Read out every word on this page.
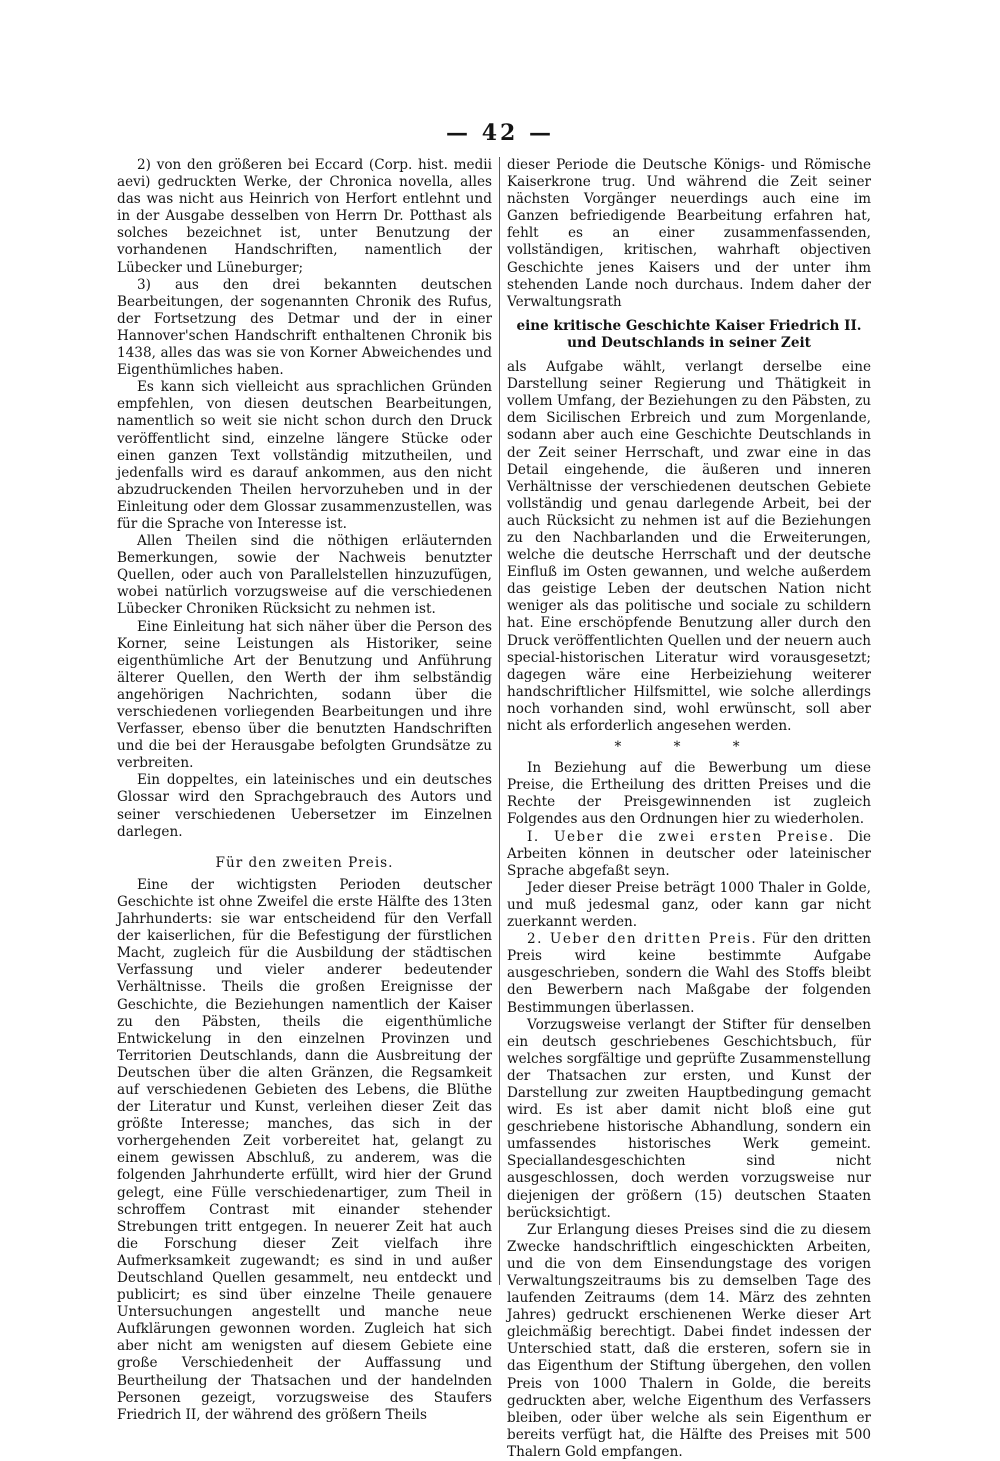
— 42 —

2) von den größeren bei Eccard (Corp. hist. medii aevi) gedruckten Werke, der Chronica novella, alles das was nicht aus Heinrich von Herfort entlehnt und in der Ausgabe desselben von Herrn Dr. Potthast als solches bezeichnet ist, unter Benutzung der vorhandenen Handschriften, namentlich der Lübecker und Lüneburger;

3) aus den drei bekannten deutschen Bearbeitungen, der sogenannten Chronik des Rufus, der Fortsetzung des Detmar und der in einer Hannover'schen Handschrift enthaltenen Chronik bis 1438, alles das was sie von Korner Abweichendes und Eigenthümliches haben.

Es kann sich vielleicht aus sprachlichen Gründen empfehlen, von diesen deutschen Bearbeitungen, namentlich so weit sie nicht schon durch den Druck veröffentlicht sind, einzelne längere Stücke oder einen ganzen Text vollständig mitzutheilen, und jedenfalls wird es darauf ankommen, aus den nicht abzudruckenden Theilen hervorzuheben und in der Einleitung oder dem Glossar zusammenzustellen, was für die Sprache von Interesse ist.

Allen Theilen sind die nöthigen erläuternden Bemerkungen, sowie der Nachweis benutzter Quellen, oder auch von Parallelstellen hinzuzufügen, wobei natürlich vorzugsweise auf die verschiedenen Lübecker Chroniken Rücksicht zu nehmen ist.

Eine Einleitung hat sich näher über die Person des Korner, seine Leistungen als Historiker, seine eigenthümliche Art der Benutzung und Anführung älterer Quellen, den Werth der ihm selbständig angehörigen Nachrichten, sodann über die verschiedenen vorliegenden Bearbeitungen und ihre Verfasser, ebenso über die benutzten Handschriften und die bei der Herausgabe befolgten Grundsätze zu verbreiten.

Ein doppeltes, ein lateinisches und ein deutsches Glossar wird den Sprachgebrauch des Autors und seiner verschiedenen Uebersetzer im Einzelnen darlegen.

Für den zweiten Preis.

Eine der wichtigsten Perioden deutscher Geschichte ist ohne Zweifel die erste Hälfte des 13ten Jahrhunderts: sie war entscheidend für den Verfall der kaiserlichen, für die Befestigung der fürstlichen Macht, zugleich für die Ausbildung der städtischen Verfassung und vieler anderer bedeutender Verhältnisse. Theils die großen Ereignisse der Geschichte, die Beziehungen namentlich der Kaiser zu den Päbsten, theils die eigenthümliche Entwickelung in den einzelnen Provinzen und Territorien Deutschlands, dann die Ausbreitung der Deutschen über die alten Gränzen, die Regsamkeit auf verschiedenen Gebieten des Lebens, die Blüthe der Literatur und Kunst, verleihen dieser Zeit das größte Interesse; manches, das sich in der vorhergehenden Zeit vorbereitet hat, gelangt zu einem gewissen Abschluß, zu anderem, was die folgenden Jahrhunderte erfüllt, wird hier der Grund gelegt, eine Fülle verschiedenartiger, zum Theil in schroffem Contrast mit einander stehender Strebungen tritt entgegen. In neuerer Zeit hat auch die Forschung dieser Zeit vielfach ihre Aufmerksamkeit zugewandt; es sind in und außer Deutschland Quellen gesammelt, neu entdeckt und publicirt; es sind über einzelne Theile genauere Untersuchungen angestellt und manche neue Aufklärungen gewonnen worden. Zugleich hat sich aber nicht am wenigsten auf diesem Gebiete eine große Verschiedenheit der Auffassung und Beurtheilung der Thatsachen und der handelnden Personen gezeigt, vorzugsweise des Staufers Friedrich II, der während des größern Theils

dieser Periode die Deutsche Königs- und Römische Kaiserkrone trug. Und während die Zeit seiner nächsten Vorgänger neuerdings auch eine im Ganzen befriedigende Bearbeitung erfahren hat, fehlt es an einer zusammenfassenden, vollständigen, kritischen, wahrhaft objectiven Geschichte jenes Kaisers und der unter ihm stehenden Lande noch durchaus. Indem daher der Verwaltungsrath

eine kritische Geschichte Kaiser Friedrich II. und Deutschlands in seiner Zeit

als Aufgabe wählt, verlangt derselbe eine Darstellung seiner Regierung und Thätigkeit in vollem Umfang, der Beziehungen zu den Päbsten, zu dem Sicilischen Erbreich und zum Morgenlande, sodann aber auch eine Geschichte Deutschlands in der Zeit seiner Herrschaft, und zwar eine in das Detail eingehende, die äußeren und inneren Verhältnisse der verschiedenen deutschen Gebiete vollständig und genau darlegende Arbeit, bei der auch Rücksicht zu nehmen ist auf die Beziehungen zu den Nachbarlanden und die Erweiterungen, welche die deutsche Herrschaft und der deutsche Einfluß im Osten gewannen, und welche außerdem das geistige Leben der deutschen Nation nicht weniger als das politische und sociale zu schildern hat. Eine erschöpfende Benutzung aller durch den Druck veröffentlichten Quellen und der neuern auch special-historischen Literatur wird vorausgesetzt; dagegen wäre eine Herbeiziehung weiterer handschriftlicher Hilfsmittel, wie solche allerdings noch vorhanden sind, wohl erwünscht, soll aber nicht als erforderlich angesehen werden.

* * *

In Beziehung auf die Bewerbung um diese Preise, die Ertheilung des dritten Preises und die Rechte der Preisgewinnenden ist zugleich Folgendes aus den Ordnungen hier zu wiederholen.

I. Ueber die zwei ersten Preise. Die Arbeiten können in deutscher oder lateinischer Sprache abgefaßt seyn.

Jeder dieser Preise beträgt 1000 Thaler in Golde, und muß jedesmal ganz, oder kann gar nicht zuerkannt werden.

2. Ueber den dritten Preis. Für den dritten Preis wird keine bestimmte Aufgabe ausgeschrieben, sondern die Wahl des Stoffs bleibt den Bewerbern nach Maßgabe der folgenden Bestimmungen überlassen.

Vorzugsweise verlangt der Stifter für denselben ein deutsch geschriebenes Geschichtsbuch, für welches sorgfältige und geprüfte Zusammenstellung der Thatsachen zur ersten, und Kunst der Darstellung zur zweiten Hauptbedingung gemacht wird. Es ist aber damit nicht bloß eine gut geschriebene historische Abhandlung, sondern ein umfassendes historisches Werk gemeint. Speciallandesgeschichten sind nicht ausgeschlossen, doch werden vorzugsweise nur diejenigen der größern (15) deutschen Staaten berücksichtigt.

Zur Erlangung dieses Preises sind die zu diesem Zwecke handschriftlich eingeschickten Arbeiten, und die von dem Einsendungstage des vorigen Verwaltungszeitraums bis zu demselben Tage des laufenden Zeitraums (dem 14. März des zehnten Jahres) gedruckt erschienenen Werke dieser Art gleichmäßig berechtigt. Dabei findet indessen der Unterschied statt, daß die ersteren, sofern sie in das Eigenthum der Stiftung übergehen, den vollen Preis von 1000 Thalern in Golde, die bereits gedruckten aber, welche Eigenthum des Verfassers bleiben, oder über welche als sein Eigenthum er bereits verfügt hat, die Hälfte des Preises mit 500 Thalern Gold empfangen.
